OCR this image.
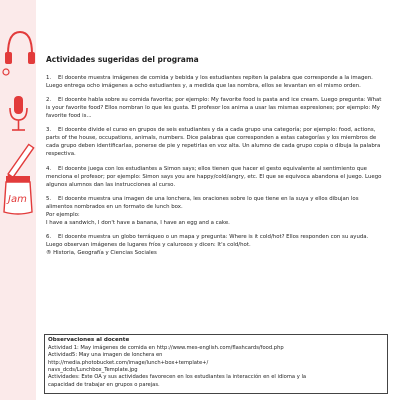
Jam
Actividades sugeridas del programa

1. El docente muestra imágenes de comida y bebida y los estudiantes repiten la palabra que corresponde a la imagen. Luego entrega ocho imágenes a ocho estudiantes y, a medida que las nombra, ellos se levantan en el mismo orden.

2. El docente habla sobre su comida favorita; por ejemplo: My favorite food is pasta and ice cream. Luego pregunta: What is your favorite food? Ellos nombran lo que les gusta. El profesor los anima a usar las mismas expresiones; por ejemplo: My favorite food is...

3. El docente divide el curso en grupos de seis estudiantes y da a cada grupo una categoría; por ejemplo: food, actions, parts of the house, occupations, animals, numbers. Dice palabras que corresponden a estas categorías y los miembros de cada grupo deben identificarlas, ponerse de pie y repetirlas en voz alta. Un alumno de cada grupo copia o dibuja la palabra respectiva.

4. El docente juega con los estudiantes a Simon says; ellos tienen que hacer el gesto equivalente al sentimiento que menciona el profesor; por ejemplo: Simon says you are happy/cold/angry, etc. El que se equivoca abandona el juego. Luego algunos alumnos dan las instrucciones al curso.

5. El docente muestra una imagen de una lonchera, les oraciones sobre lo que tiene en la suya y ellos dibujan los alimentos nombrados en un formato de lunch box.
Por ejemplo:
I have a sandwich, I don't have a banana, I have an egg and a cake.

6. El docente muestra un globo terráqueo o un mapa y pregunta: Where is it cold/hot? Ellos responden con su ayuda. Luego observan imágenes de lugares fríos y calurosos y dicen: It's cold/hot.
® Historia, Geografía y Ciencias Sociales

Observaciones al docente
Actividad 1: May imágenes de comida en http://www.mes-english.com/flashcards/food.php
Actividad5: May una imagen de lonchera en
http://media.photobucket.com/image/lunch+box+template+/
navs_dcds/Lunchbox_Template.jpg
Actividades: Este OA y sus actividades favorecen en los estudiantes la interacción en el idioma y la
capacidad de trabajar en grupos o parejas.
